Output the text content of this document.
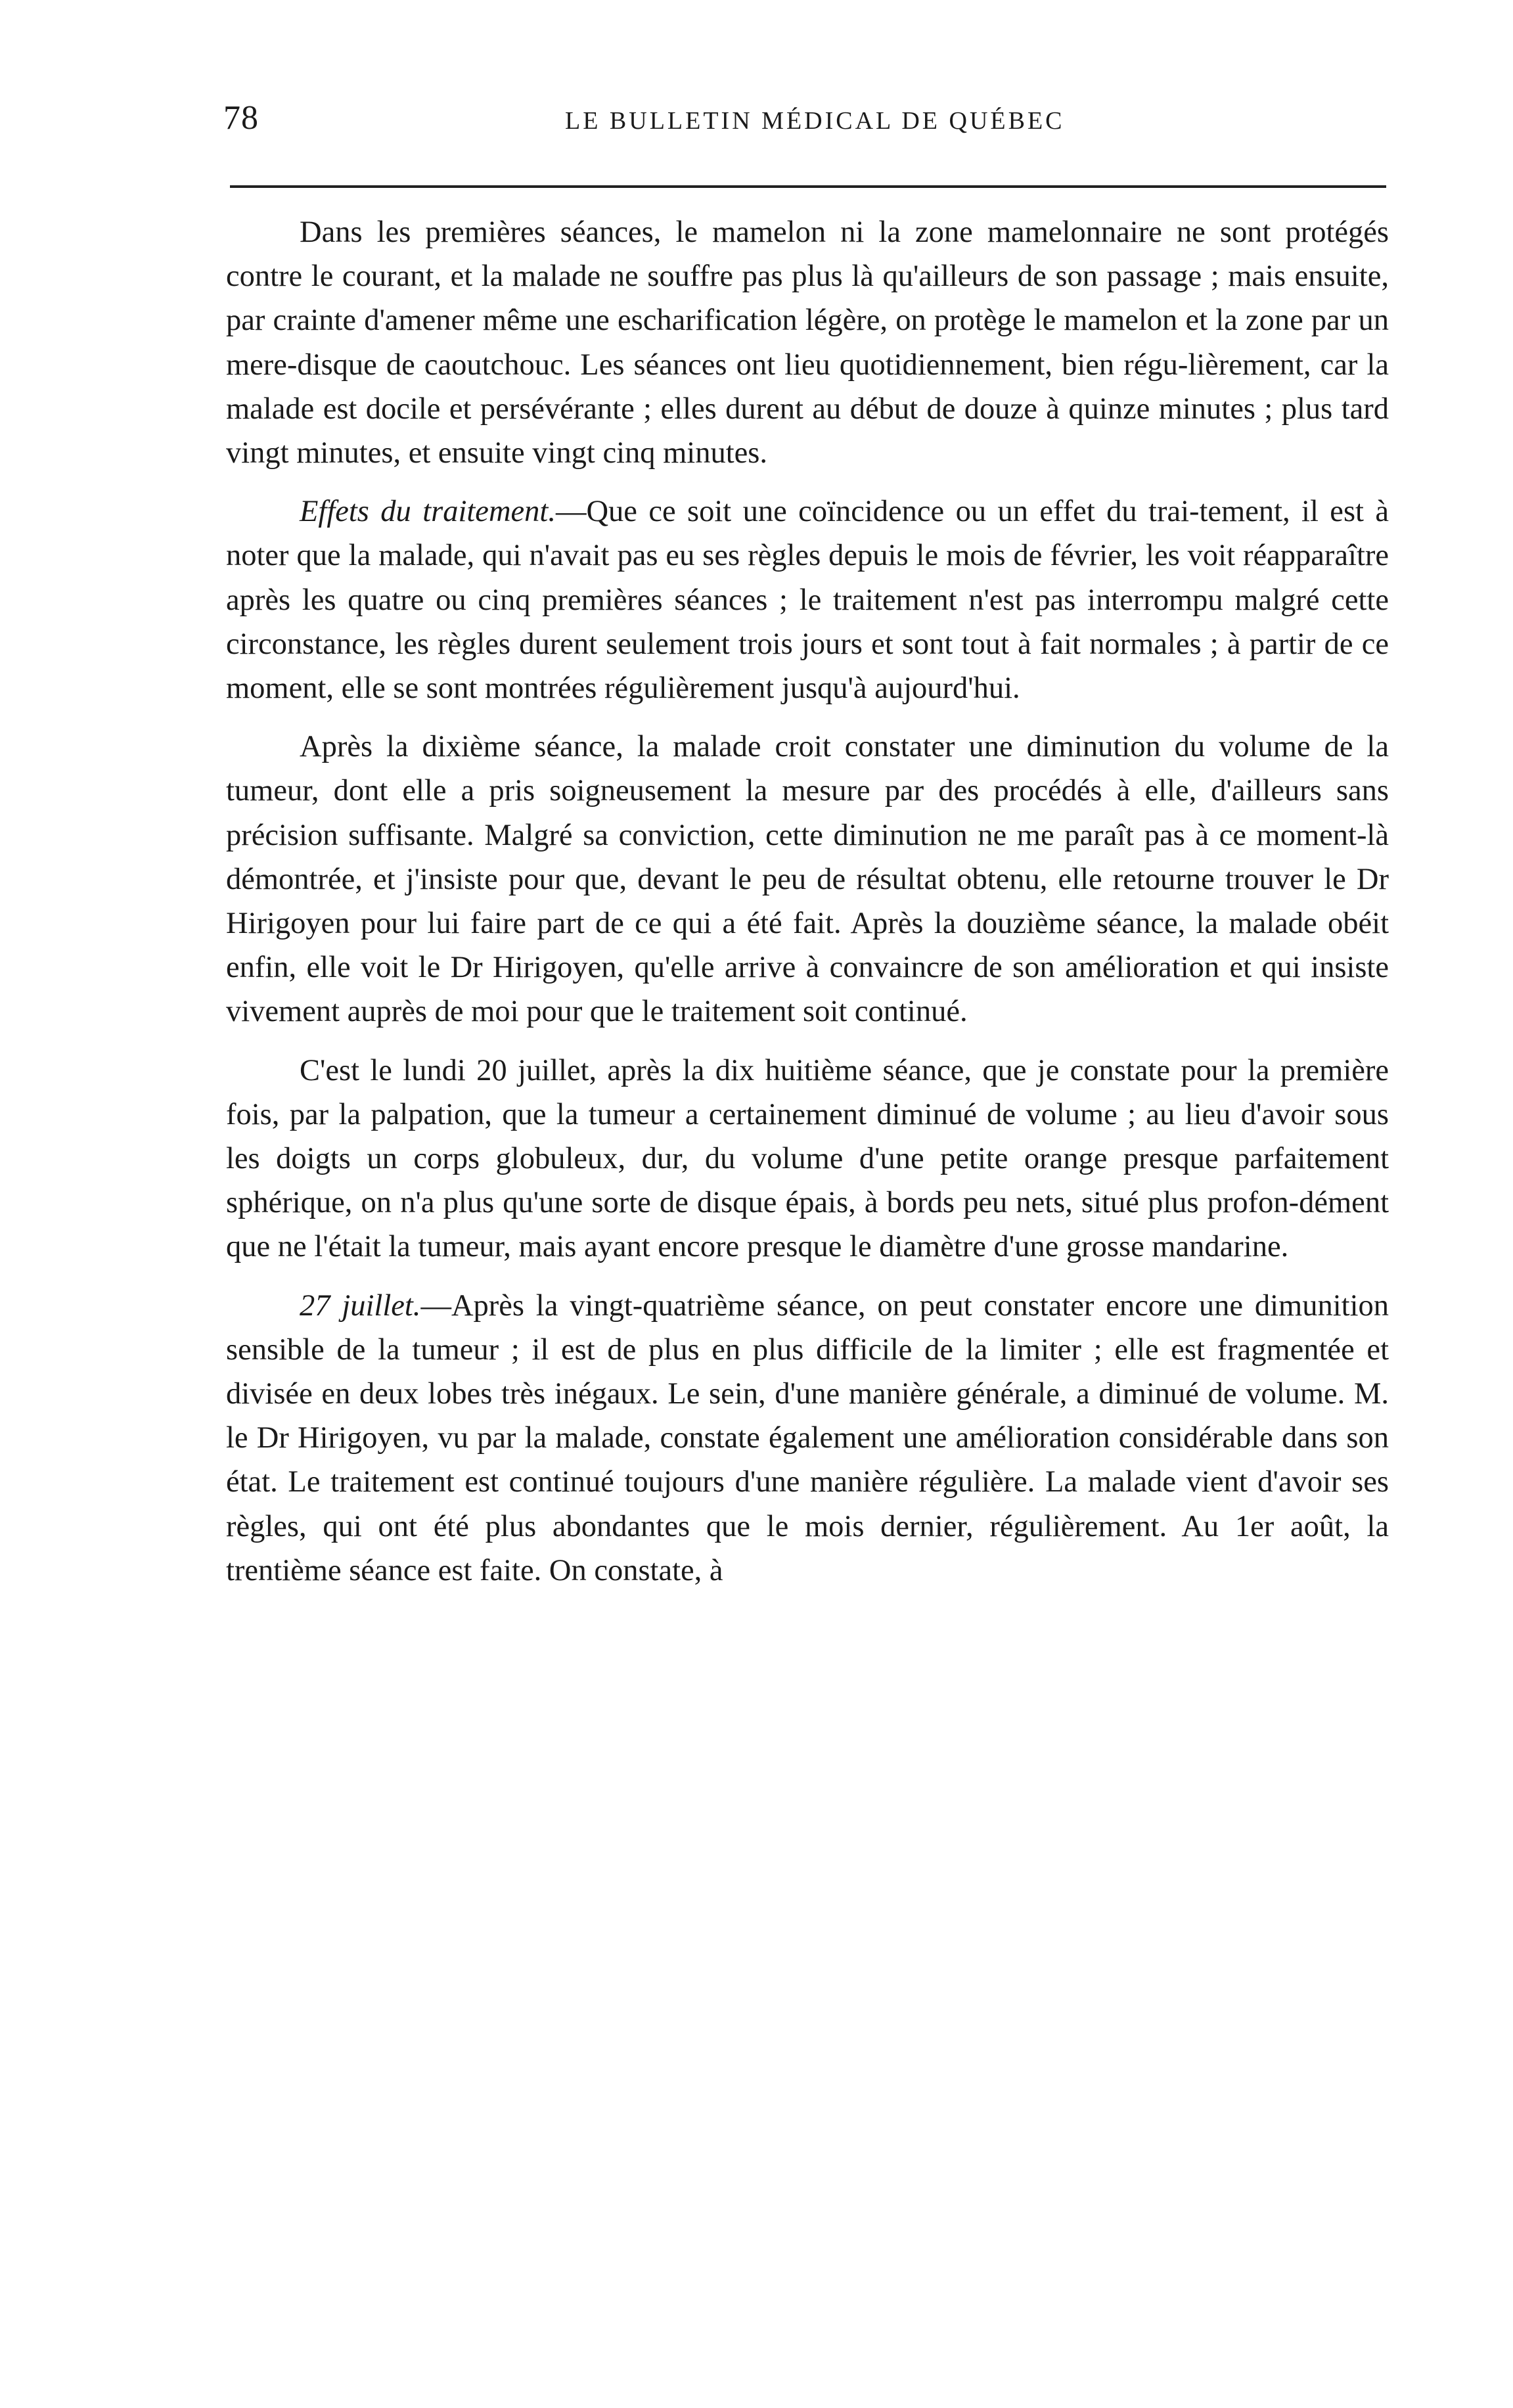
78	LE BULLETIN MÉDICAL DE QUÉBEC

Dans les premières séances, le mamelon ni la zone mamelonnaire ne sont protégés contre le courant, et la malade ne souffre pas plus là qu'ailleurs de son passage ; mais ensuite, par crainte d'amener même une escharification légère, on protège le mamelon et la zone par un mere-disque de caoutchouc. Les séances ont lieu quotidiennement, bien régu-lièrement, car la malade est docile et persévérante ; elles durent au début de douze à quinze minutes ; plus tard vingt minutes, et ensuite vingt cinq minutes.

Effets du traitement.—Que ce soit une coïncidence ou un effet du trai-tement, il est à noter que la malade, qui n'avait pas eu ses règles depuis le mois de février, les voit réapparaître après les quatre ou cinq premières séances ; le traitement n'est pas interrompu malgré cette circonstance, les règles durent seulement trois jours et sont tout à fait normales ; à partir de ce moment, elle se sont montrées régulièrement jusqu'à aujourd'hui.

Après la dixième séance, la malade croit constater une diminution du volume de la tumeur, dont elle a pris soigneusement la mesure par des procédés à elle, d'ailleurs sans précision suffisante. Malgré sa conviction, cette diminution ne me paraît pas à ce moment-là démontrée, et j'insiste pour que, devant le peu de résultat obtenu, elle retourne trouver le Dr Hirigoyen pour lui faire part de ce qui a été fait. Après la douzième séance, la malade obéit enfin, elle voit le Dr Hirigoyen, qu'elle arrive à convaincre de son amélioration et qui insiste vivement auprès de moi pour que le traitement soit continué.

C'est le lundi 20 juillet, après la dix huitième séance, que je constate pour la première fois, par la palpation, que la tumeur a certainement diminué de volume ; au lieu d'avoir sous les doigts un corps globuleux, dur, du volume d'une petite orange presque parfaitement sphérique, on n'a plus qu'une sorte de disque épais, à bords peu nets, situé plus profon-dément que ne l'était la tumeur, mais ayant encore presque le diamètre d'une grosse mandarine.

27 juillet.—Après la vingt-quatrième séance, on peut constater encore une dimunition sensible de la tumeur ; il est de plus en plus difficile de la limiter ; elle est fragmentée et divisée en deux lobes très inégaux. Le sein, d'une manière générale, a diminué de volume. M. le Dr Hirigoyen, vu par la malade, constate également une amélioration considérable dans son état. Le traitement est continué toujours d'une manière régulière. La malade vient d'avoir ses règles, qui ont été plus abondantes que le mois dernier, régulièrement. Au 1er août, la trentième séance est faite. On constate, à
